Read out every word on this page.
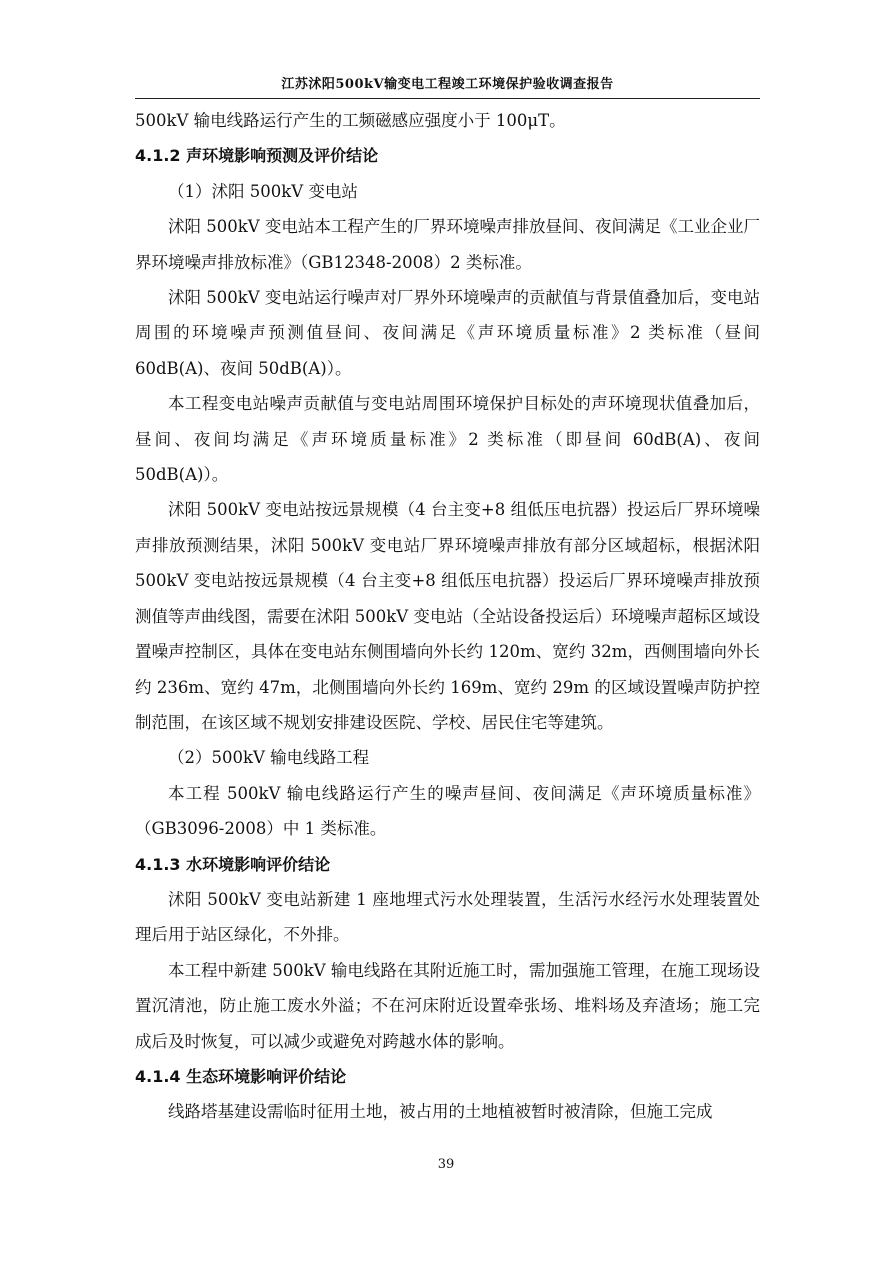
江苏沭阳500kV输变电工程竣工环境保护验收调查报告

500kV 输电线路运行产生的工频磁感应强度小于 100μT。

4.1.2 声环境影响预测及评价结论

（1）沭阳 500kV 变电站

沭阳 500kV 变电站本工程产生的厂界环境噪声排放昼间、夜间满足《工业企业厂界环境噪声排放标准》（GB12348-2008）2 类标准。

沭阳 500kV 变电站运行噪声对厂界外环境噪声的贡献值与背景值叠加后，变电站周围的环境噪声预测值昼间、夜间满足《声环境质量标准》2 类标准（昼间 60dB(A)、夜间 50dB(A)）。

本工程变电站噪声贡献值与变电站周围环境保护目标处的声环境现状值叠加后，昼间、夜间均满足《声环境质量标准》2 类标准（即昼间 60dB(A)、夜间 50dB(A)）。

沭阳 500kV 变电站按远景规模（4 台主变+8 组低压电抗器）投运后厂界环境噪声排放预测结果，沭阳 500kV 变电站厂界环境噪声排放有部分区域超标，根据沭阳 500kV 变电站按远景规模（4 台主变+8 组低压电抗器）投运后厂界环境噪声排放预测值等声曲线图，需要在沭阳 500kV 变电站（全站设备投运后）环境噪声超标区域设置噪声控制区，具体在变电站东侧围墙向外长约 120m、宽约 32m，西侧围墙向外长约 236m、宽约 47m，北侧围墙向外长约 169m、宽约 29m 的区域设置噪声防护控制范围，在该区域不规划安排建设医院、学校、居民住宅等建筑。

（2）500kV 输电线路工程

本工程 500kV 输电线路运行产生的噪声昼间、夜间满足《声环境质量标准》（GB3096-2008）中 1 类标准。

4.1.3 水环境影响评价结论

沭阳 500kV 变电站新建 1 座地埋式污水处理装置，生活污水经污水处理装置处理后用于站区绿化，不外排。

本工程中新建 500kV 输电线路在其附近施工时，需加强施工管理，在施工现场设置沉清池，防止施工废水外溢；不在河床附近设置牵张场、堆料场及弃渣场；施工完成后及时恢复，可以减少或避免对跨越水体的影响。

4.1.4 生态环境影响评价结论

线路塔基建设需临时征用土地，被占用的土地植被暂时被清除，但施工完成

39
